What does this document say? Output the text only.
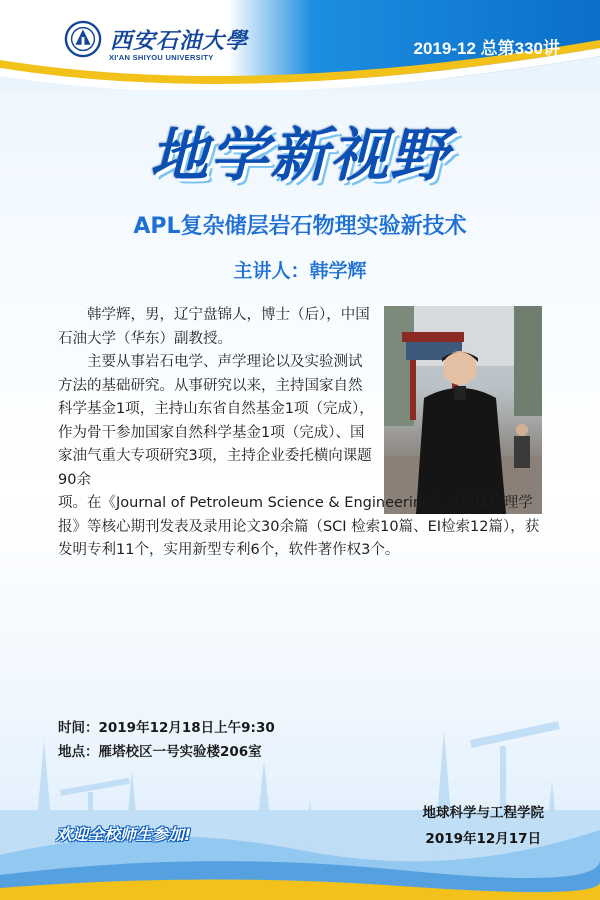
西安石油大學
XI'AN SHIYOU UNIVERSITY	2019-12 总第330讲
地学新视野
APL复杂储层岩石物理实验新技术
主讲人：韩学辉

韩学辉，男，辽宁盘锦人，博士（后），中国石油大学（华东）副教授。

主要从事岩石电学、声学理论以及实验测试方法的基础研究。从事研究以来，主持国家自然科学基金1项，主持山东省自然基金1项（完成），作为骨干参加国家自然科学基金1项（完成）、国家油气重大专项研究3项，主持企业委托横向课题90余

项。在《Journal of Petroleum Science & Engineering》、《地球物理学报》等核心期刊发表及录用论文30余篇（SCI 检索10篇、EI检索12篇），获发明专利11个，实用新型专利6个，软件著作权3个。
时间：2019年12月18日上午9:30
地点：雁塔校区一号实验楼206室
欢迎全校师生参加!
地球科学与工程学院
2019年12月17日
